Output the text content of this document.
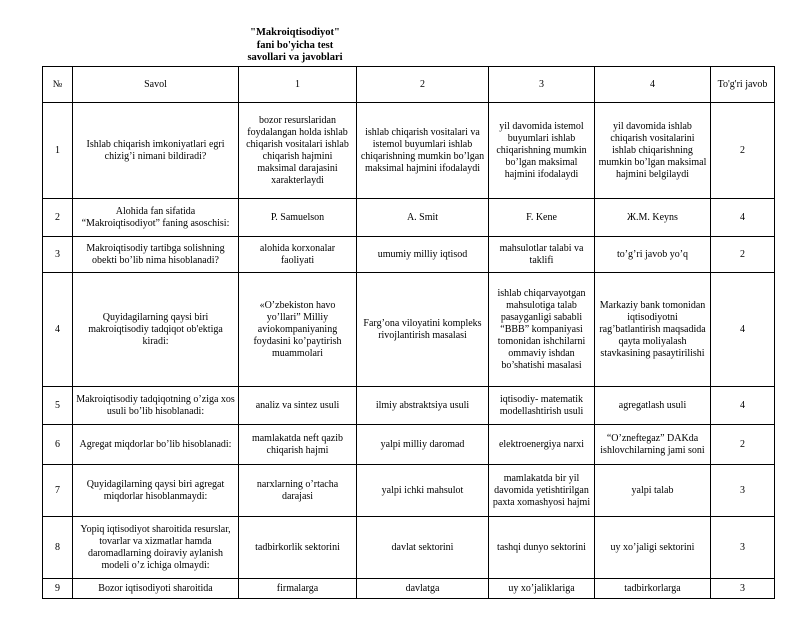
"Makroiqtisodiyot"
fani bo'yicha test
savollari va javoblari
№	Savol	1	2	3	4	To'g'ri javob
1	Ishlab chiqarish imkoniyatlari egri chizig’i nimani bildiradi?	bozor resurslaridan foydalangan holda ishlab chiqarish vositalari ishlab chiqarish hajmini maksimal darajasini xarakterlaydi	ishlab chiqarish vositalari va istemol buyumlari ishlab chiqarishning mumkin bo’lgan maksimal hajmini ifodalaydi	yil davomida istemol buyumlari ishlab chiqarishning mumkin bo’lgan maksimal hajmini ifodalaydi	yil davomida ishlab chiqarish vositalarini ishlab chiqarishning mumkin bo’lgan maksimal hajmini belgilaydi	2
2	Alohida fan sifatida “Makroiqtisodiyot” faning asoschisi:	P. Samuelson	A. Smit	F. Kene	Ж.М. Keyns	4
3	Makroiqtisodiy tartibga solishning obekti bo’lib nima hisoblanadi?	alohida korxonalar faoliyati	umumiy milliy iqtisod	mahsulotlar talabi va taklifi	to’g’ri javob yo’q	2
4	Quyidagilarning qaysi biri makroiqtisodiy tadqiqot ob'ektiga kiradi:	«O’zbekiston havo yo’llari” Milliy aviokompaniyaning foydasini ko’paytirish muammolari	Farg’ona viloyatini kompleks rivojlantirish masalasi	ishlab chiqarvayotgan mahsulotiga talab pasayganligi sababli “BBB” kompaniyasi tomonidan ishchilarni ommaviy ishdan bo’shatishi masalasi	Markaziy bank tomonidan iqtisodiyotni rag’batlantirish maqsadida qayta moliyalash stavkasining pasaytirilishi	4
5	Makroiqtisodiy tadqiqotning o’ziga xos usuli bo’lib hisoblanadi:	analiz va sintez usuli	ilmiy abstraktsiya usuli	iqtisodiy- matematik modellashtirish usuli	agregatlash usuli	4
6	Agregat miqdorlar bo’lib hisoblanadi:	mamlakatda neft qazib chiqarish hajmi	yalpi milliy daromad	elektroenergiya narxi	“O’zneftegaz” DAKda ishlovchilarning jami soni	2
7	Quyidagilarning qaysi biri agregat miqdorlar hisoblanmaydi:	narxlarning o’rtacha darajasi	yalpi ichki mahsulot	mamlakatda bir yil davomida yetishtirilgan paxta xomashyosi hajmi	yalpi talab	3
8	Yopiq iqtisodiyot sharoitida resurslar, tovarlar va xizmatlar hamda daromadlarning doiraviy aylanish modeli o’z ichiga olmaydi:	tadbirkorlik sektorini	davlat sektorini	tashqi dunyo sektorini	uy xo’jaligi sektorini	3
9	Bozor iqtisodiyoti sharoitida	firmalarga	davlatga	uy xo’jaliklariga	tadbirkorlarga	3
